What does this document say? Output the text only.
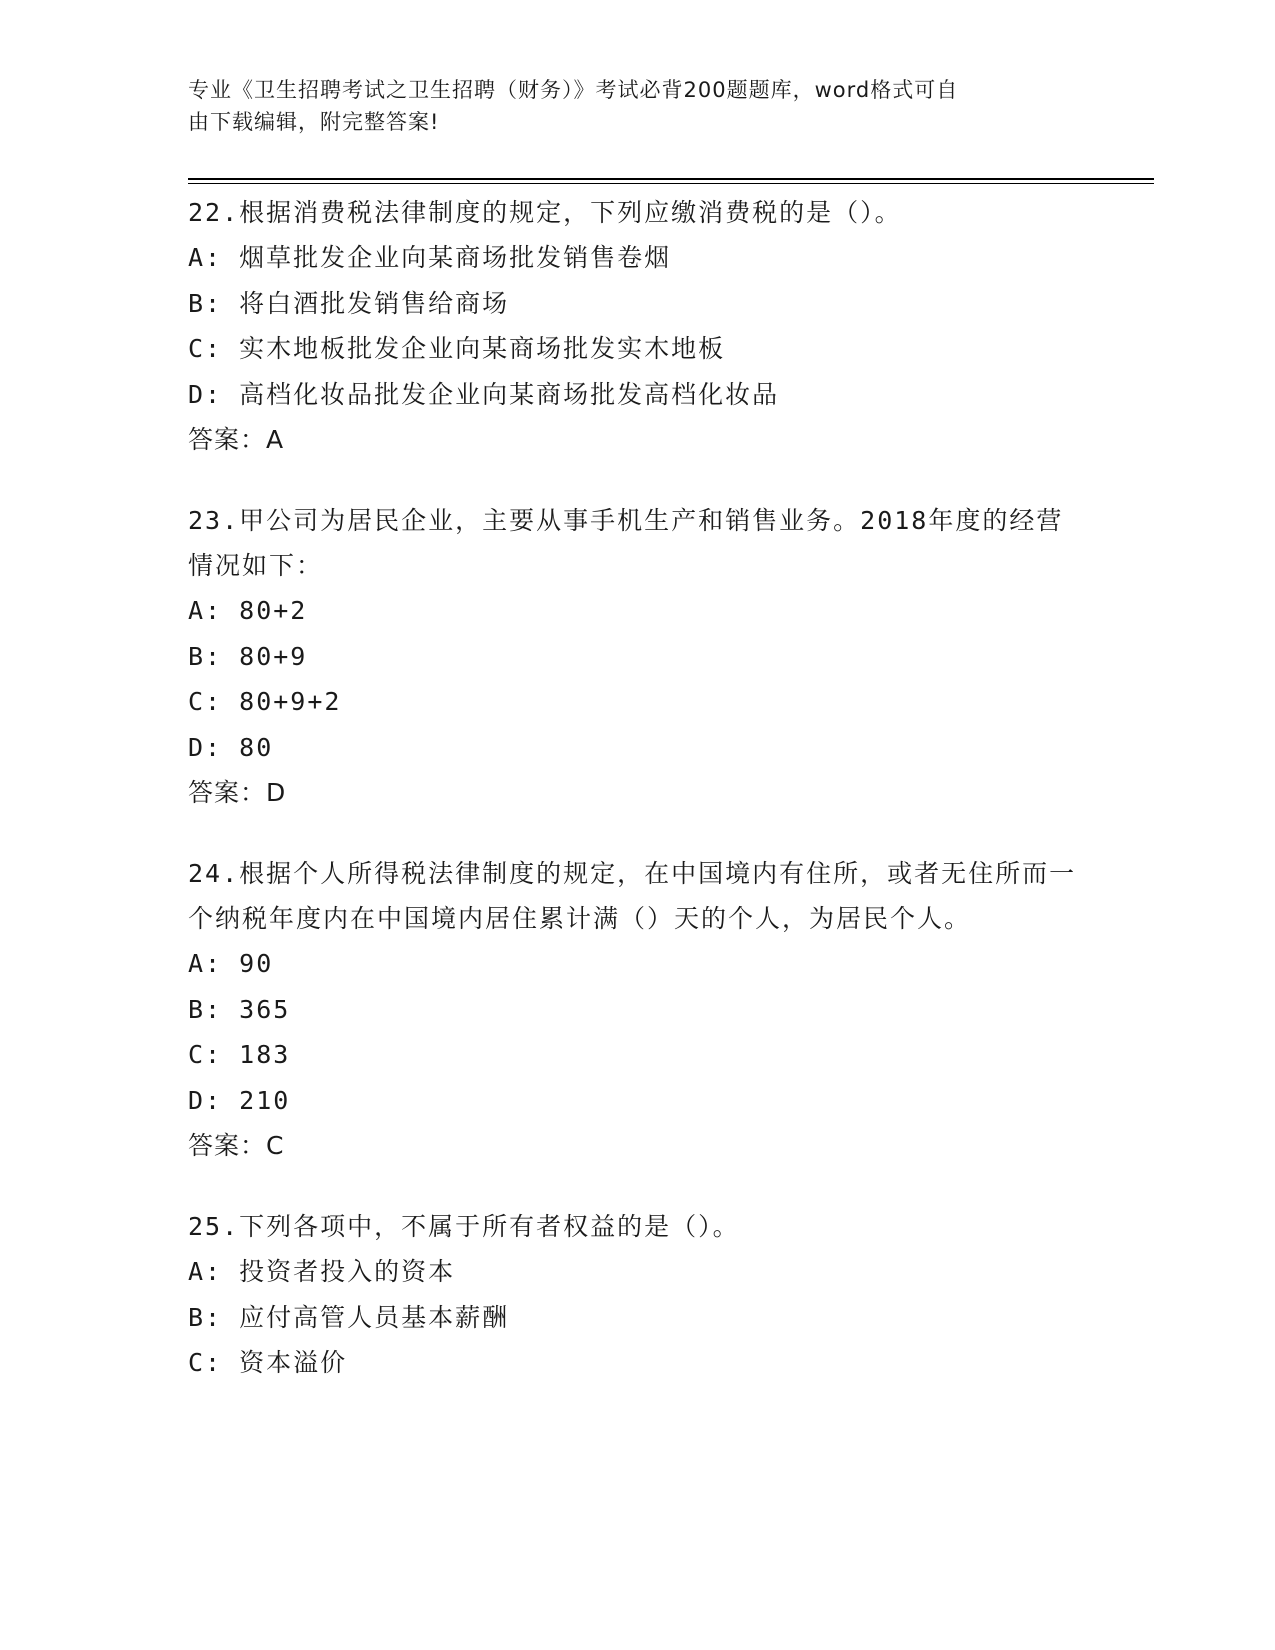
专业《卫生招聘考试之卫生招聘（财务）》考试必背200题题库，word格式可自
由下载编辑，附完整答案!
22.根据消费税法律制度的规定，下列应缴消费税的是（）。
A: 烟草批发企业向某商场批发销售卷烟
B: 将白酒批发销售给商场
C: 实木地板批发企业向某商场批发实木地板
D: 高档化妆品批发企业向某商场批发高档化妆品
答案：A
23.甲公司为居民企业，主要从事手机生产和销售业务。2018年度的经营情况如下：
A: 80+2
B: 80+9
C: 80+9+2
D: 80
答案：D
24.根据个人所得税法律制度的规定，在中国境内有住所，或者无住所而一个纳税年度内在中国境内居住累计满（）天的个人，为居民个人。
A: 90
B: 365
C: 183
D: 210
答案：C
25.下列各项中，不属于所有者权益的是（）。
A: 投资者投入的资本
B: 应付高管人员基本薪酬
C: 资本溢价
